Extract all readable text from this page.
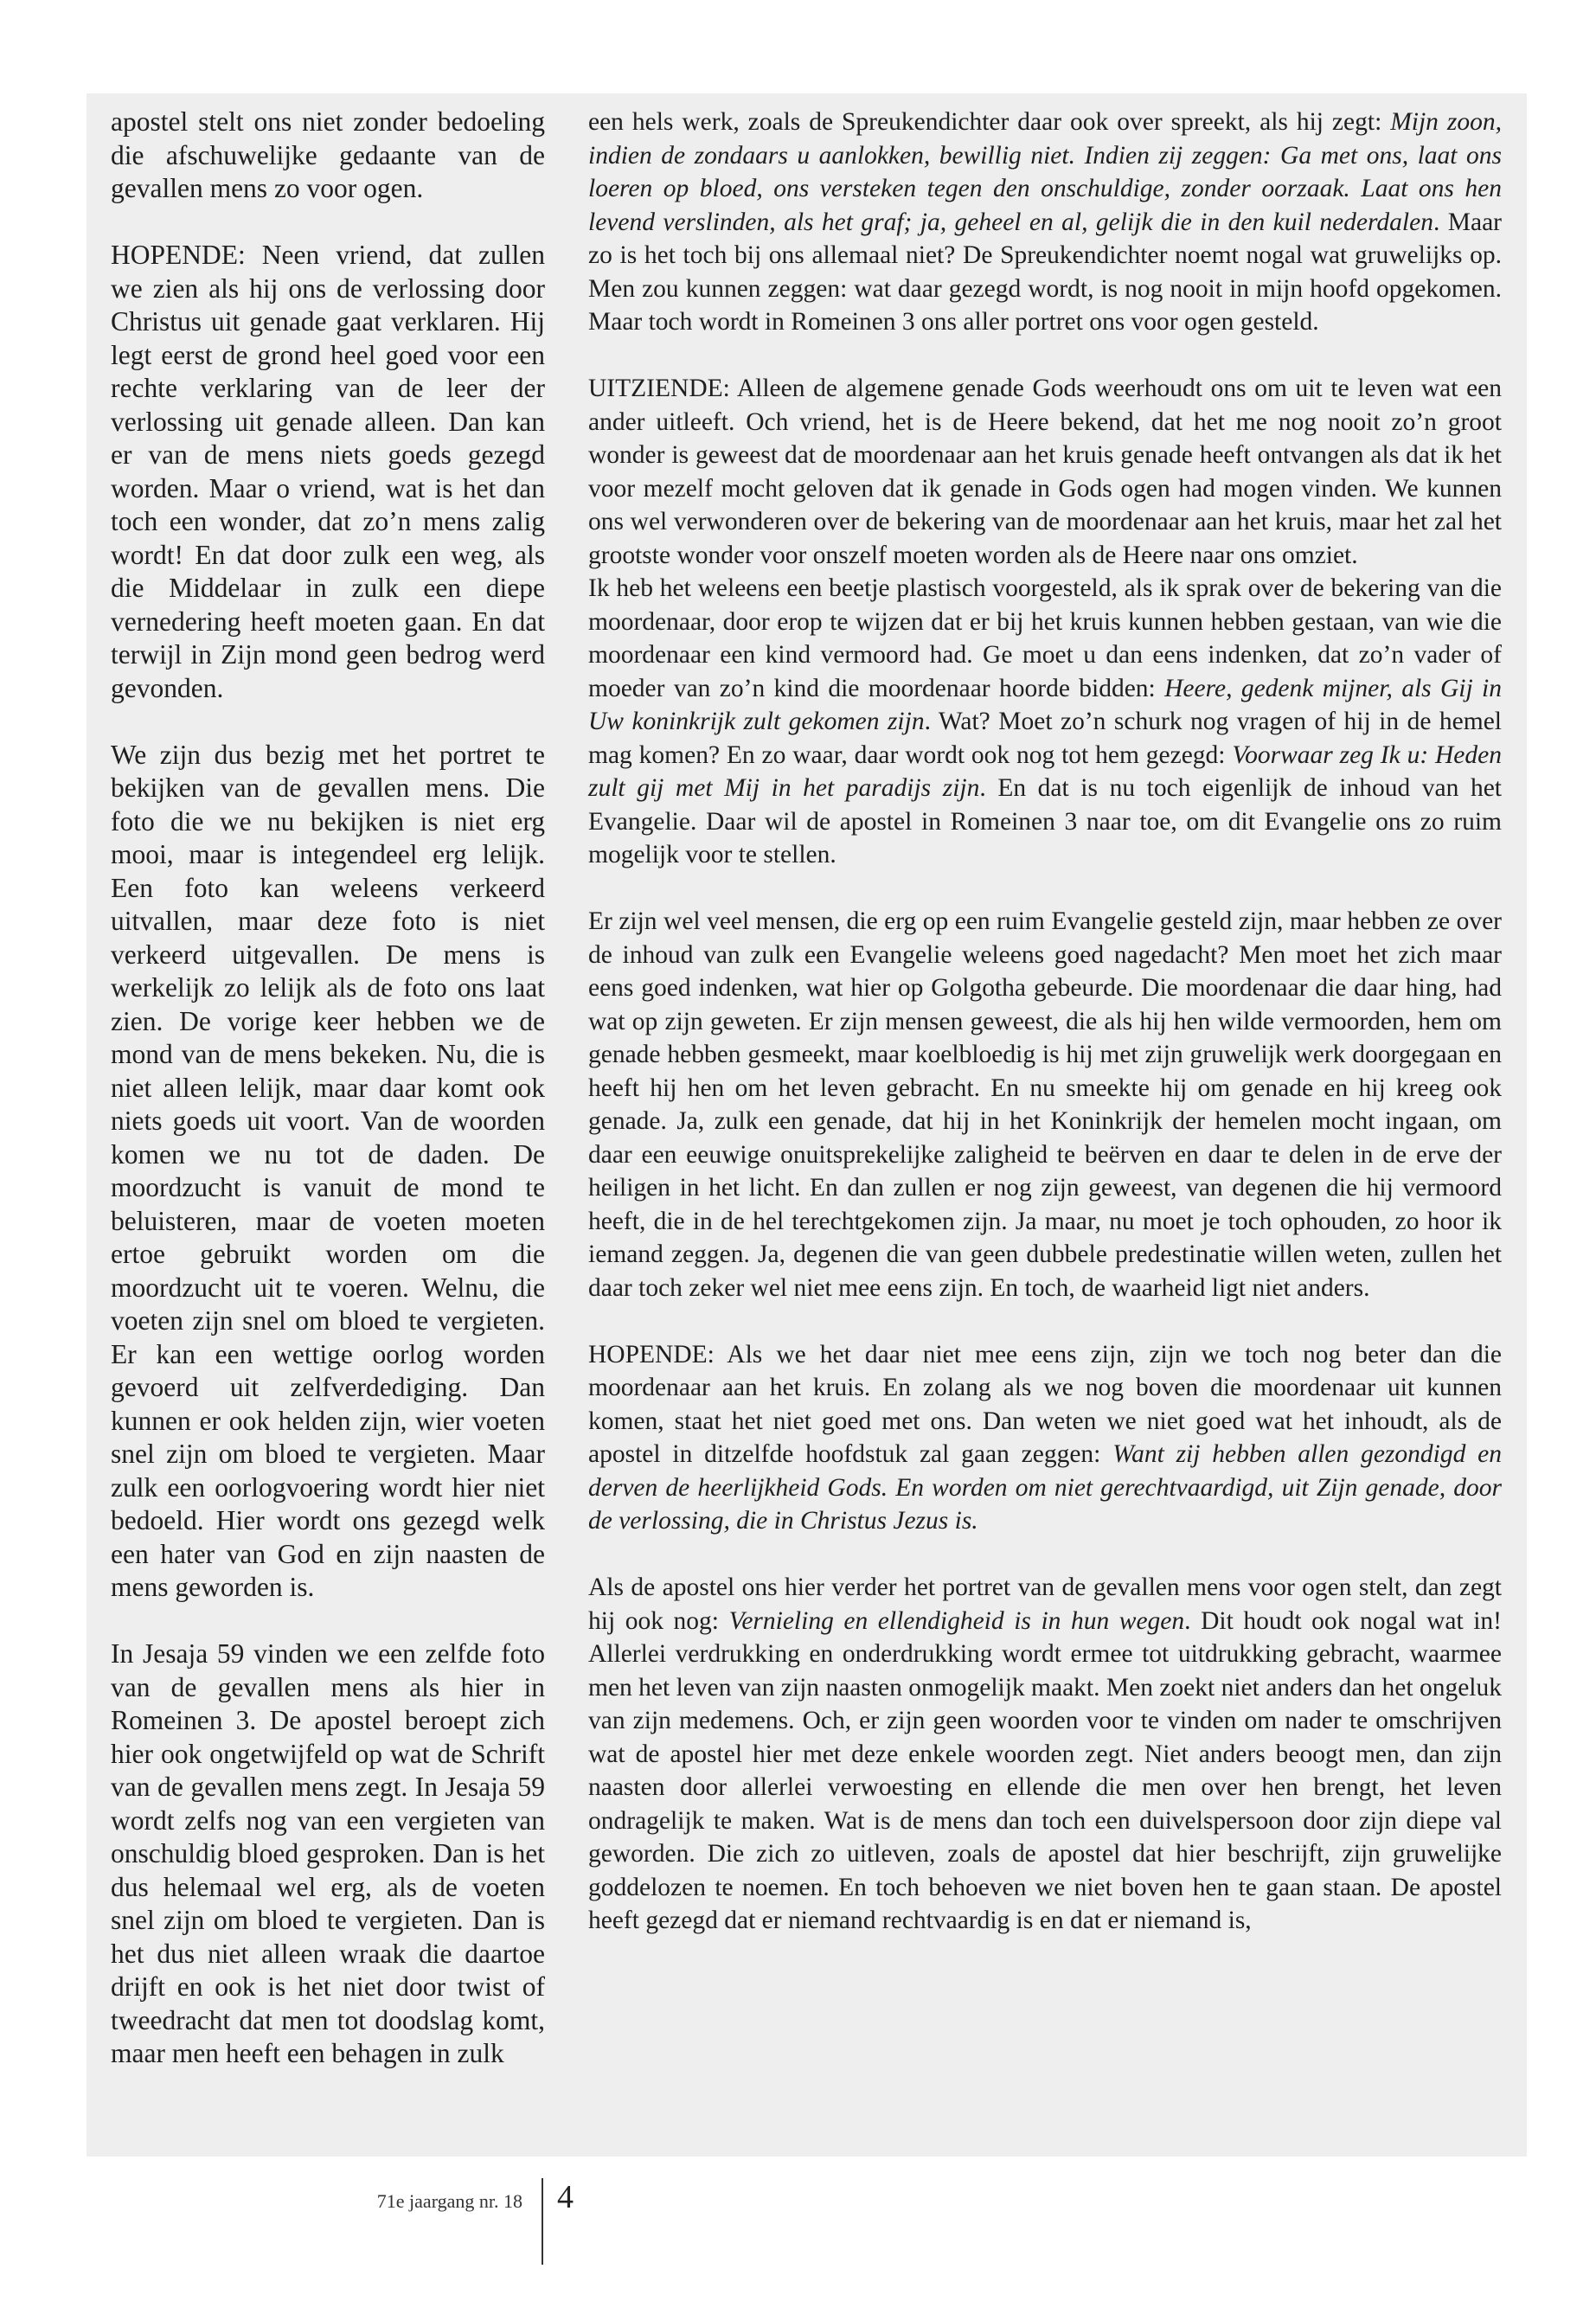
apostel stelt ons niet zonder bedoeling die afschuwelijke gedaante van de gevallen mens zo voor ogen.

HOPENDE: Neen vriend, dat zullen we zien als hij ons de verlossing door Christus uit genade gaat verklaren. Hij legt eerst de grond heel goed voor een rechte verklaring van de leer der verlossing uit genade alleen. Dan kan er van de mens niets goeds gezegd worden. Maar o vriend, wat is het dan toch een wonder, dat zo’n mens zalig wordt! En dat door zulk een weg, als die Middelaar in zulk een diepe vernedering heeft moeten gaan. En dat terwijl in Zijn mond geen bedrog werd gevonden.

We zijn dus bezig met het portret te bekijken van de gevallen mens. Die foto die we nu bekijken is niet erg mooi, maar is integendeel erg lelijk. Een foto kan weleens verkeerd uitvallen, maar deze foto is niet verkeerd uitgevallen. De mens is werkelijk zo lelijk als de foto ons laat zien. De vorige keer hebben we de mond van de mens bekeken. Nu, die is niet alleen lelijk, maar daar komt ook niets goeds uit voort. Van de woorden komen we nu tot de daden. De moordzucht is vanuit de mond te beluisteren, maar de voeten moeten ertoe gebruikt worden om die moordzucht uit te voeren. Welnu, die voeten zijn snel om bloed te vergieten. Er kan een wettige oorlog worden gevoerd uit zelfverdediging. Dan kunnen er ook helden zijn, wier voeten snel zijn om bloed te vergieten. Maar zulk een oorlogvoering wordt hier niet bedoeld. Hier wordt ons gezegd welk een hater van God en zijn naasten de mens geworden is.

In Jesaja 59 vinden we een zelfde foto van de gevallen mens als hier in Romeinen 3. De apostel beroept zich hier ook ongetwijfeld op wat de Schrift van de gevallen mens zegt. In Jesaja 59 wordt zelfs nog van een vergieten van onschuldig bloed gesproken. Dan is het dus helemaal wel erg, als de voeten snel zijn om bloed te vergieten. Dan is het dus niet alleen wraak die daartoe drijft en ook is het niet door twist of tweedracht dat men tot doodslag komt, maar men heeft een behagen in zulk

een hels werk, zoals de Spreukendichter daar ook over spreekt, als hij zegt: Mijn zoon, indien de zondaars u aanlokken, bewillig niet. Indien zij zeggen: Ga met ons, laat ons loeren op bloed, ons versteken tegen den onschuldige, zonder oorzaak. Laat ons hen levend verslinden, als het graf; ja, geheel en al, gelijk die in den kuil nederdalen. Maar zo is het toch bij ons allemaal niet? De Spreukendichter noemt nogal wat gruwelijks op. Men zou kunnen zeggen: wat daar gezegd wordt, is nog nooit in mijn hoofd opgekomen. Maar toch wordt in Romeinen 3 ons aller portret ons voor ogen gesteld.

UITZIENDE: Alleen de algemene genade Gods weerhoudt ons om uit te leven wat een ander uitleeft. Och vriend, het is de Heere bekend, dat het me nog nooit zo’n groot wonder is geweest dat de moordenaar aan het kruis genade heeft ontvangen als dat ik het voor mezelf mocht geloven dat ik genade in Gods ogen had mogen vinden. We kunnen ons wel verwonderen over de bekering van de moordenaar aan het kruis, maar het zal het grootste wonder voor onszelf moeten worden als de Heere naar ons omziet.

Ik heb het weleens een beetje plastisch voorgesteld, als ik sprak over de bekering van die moordenaar, door erop te wijzen dat er bij het kruis kunnen hebben gestaan, van wie die moordenaar een kind vermoord had. Ge moet u dan eens indenken, dat zo’n vader of moeder van zo’n kind die moordenaar hoorde bidden: Heere, gedenk mijner, als Gij in Uw koninkrijk zult gekomen zijn. Wat? Moet zo’n schurk nog vragen of hij in de hemel mag komen? En zo waar, daar wordt ook nog tot hem gezegd: Voorwaar zeg Ik u: Heden zult gij met Mij in het paradijs zijn. En dat is nu toch eigenlijk de inhoud van het Evangelie. Daar wil de apostel in Romeinen 3 naar toe, om dit Evangelie ons zo ruim mogelijk voor te stellen.

Er zijn wel veel mensen, die erg op een ruim Evangelie gesteld zijn, maar hebben ze over de inhoud van zulk een Evangelie weleens goed nagedacht? Men moet het zich maar eens goed indenken, wat hier op Golgotha gebeurde. Die moordenaar die daar hing, had wat op zijn geweten. Er zijn mensen geweest, die als hij hen wilde vermoorden, hem om genade hebben gesmeekt, maar koelbloedig is hij met zijn gruwelijk werk doorgegaan en heeft hij hen om het leven gebracht. En nu smeekte hij om genade en hij kreeg ook genade. Ja, zulk een genade, dat hij in het Koninkrijk der hemelen mocht ingaan, om daar een eeuwige onuitsprekelijke zaligheid te beërven en daar te delen in de erve der heiligen in het licht. En dan zullen er nog zijn geweest, van degenen die hij vermoord heeft, die in de hel terechtgekomen zijn. Ja maar, nu moet je toch ophouden, zo hoor ik iemand zeggen. Ja, degenen die van geen dubbele predestinatie willen weten, zullen het daar toch zeker wel niet mee eens zijn. En toch, de waarheid ligt niet anders.

HOPENDE: Als we het daar niet mee eens zijn, zijn we toch nog beter dan die moordenaar aan het kruis. En zolang als we nog boven die moordenaar uit kunnen komen, staat het niet goed met ons. Dan weten we niet goed wat het inhoudt, als de apostel in ditzelfde hoofdstuk zal gaan zeggen: Want zij hebben allen gezondigd en derven de heerlijkheid Gods. En worden om niet gerechtvaardigd, uit Zijn genade, door de verlossing, die in Christus Jezus is.

Als de apostel ons hier verder het portret van de gevallen mens voor ogen stelt, dan zegt hij ook nog: Vernieling en ellendigheid is in hun wegen. Dit houdt ook nogal wat in! Allerlei verdrukking en onderdrukking wordt ermee tot uitdrukking gebracht, waarmee men het leven van zijn naasten onmogelijk maakt. Men zoekt niet anders dan het ongeluk van zijn medemens. Och, er zijn geen woorden voor te vinden om nader te omschrijven wat de apostel hier met deze enkele woorden zegt. Niet anders beoogt men, dan zijn naasten door allerlei verwoesting en ellende die men over hen brengt, het leven ondragelijk te maken. Wat is de mens dan toch een duivelspersoon door zijn diepe val geworden. Die zich zo uitleven, zoals de apostel dat hier beschrijft, zijn gruwelijke goddelozen te noemen. En toch behoeven we niet boven hen te gaan staan. De apostel heeft gezegd dat er niemand rechtvaardig is en dat er niemand is,

71e jaargang nr. 18 4
